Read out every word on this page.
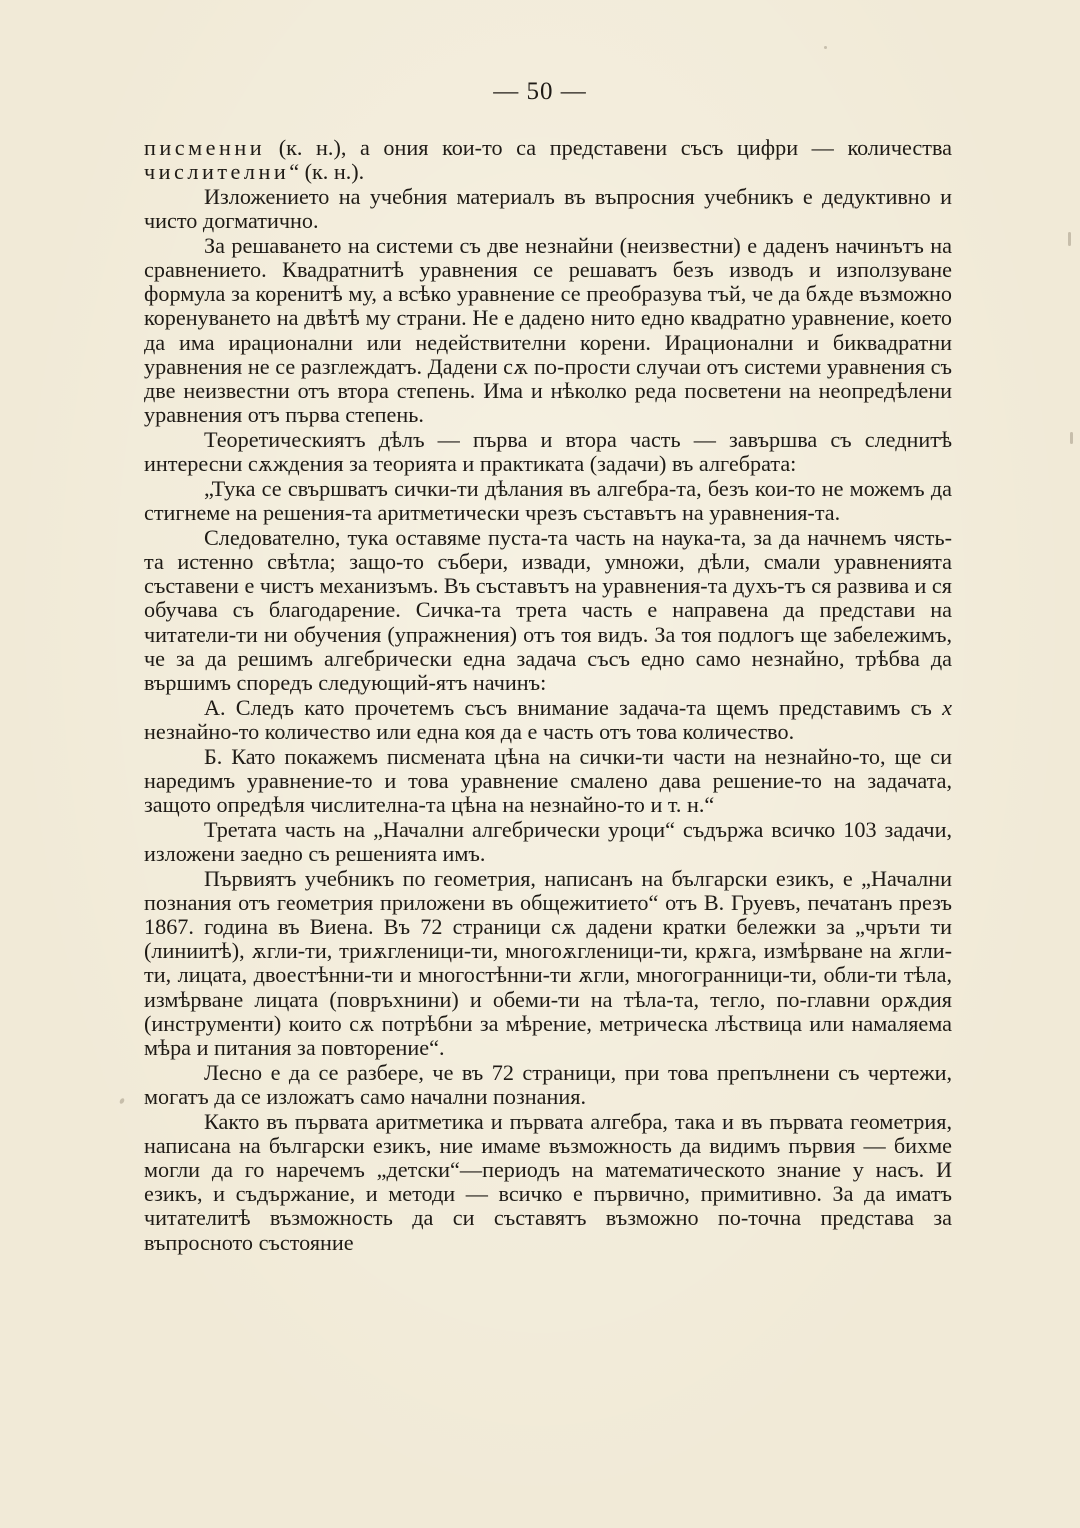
— 50 —

писменни (к. н.), а ония кои-то са представени съсъ цифри — количества числителни“ (к. н.).

Изложението на учебния материалъ въ въпросния учебникъ е дедуктивно и чисто догматично.

За решаването на системи съ две незнайни (неизвестни) е даденъ начинътъ на сравнението. Квадратнитѣ уравнения се решаватъ безъ изводъ и използуване формула за коренитѣ му, а всѣко уравнение се преобразува тъй, че да бѫде възможно коренуването на двѣтѣ му страни. Не е дадено нито едно квадратно уравнение, което да има ирационални или недействителни корени. Ирационални и биквадратни уравнения не се разглеждатъ. Дадени сѫ по-прости случаи отъ системи уравнения съ две неизвестни отъ втора степень. Има и нѣколко реда посветени на неопредѣлени уравнения отъ първа степень.

Теоретическиятъ дѣлъ — първа и втора часть — завършва съ следнитѣ интересни сѫждения за теорията и практиката (задачи) въ алгебрата:

„Тука се свършватъ сички-ти дѣлания въ алгебра-та, безъ кои-то не можемъ да стигнеме на решения-та аритметически чрезъ съставътъ на уравнения-та.

Следователно, тука оставяме пуста-та часть на наука-та, за да начнемъ чясть-та истенно свѣтла; защо-то събери, извади, умножи, дѣли, смали уравненията съставени е чистъ механизъмъ. Въ съставътъ на уравнения-та духъ-тъ ся развива и ся обучава съ благодарение. Сичка-та трета часть е направена да представи на читатели-ти ни обучения (упражнения) отъ тоя видъ. За тоя подлогъ ще забележимъ, че за да решимъ алгебрически една задача съсъ едно само незнайно, трѣбва да вършимъ споредъ следующий-ятъ начинъ:

А. Следъ като прочетемъ съсъ внимание задача-та щемъ представимъ съ x незнайно-то количество или една коя да е часть отъ това количество.

Б. Като покажемъ писмената цѣна на сички-ти части на незнайно-то, ще си наредимъ уравнение-то и това уравнение смалено дава решение-то на задачата, защото опредѣля числителна-та цѣна на незнайно-то и т. н.“

Третата часть на „Начални алгебрически уроци“ съдържа всичко 103 задачи, изложени заедно съ решенията имъ.

Първиятъ учебникъ по геометрия, написанъ на български езикъ, е „Начални познания отъ геометрия приложени въ общежитието“ отъ В. Груевъ, печатанъ презъ 1867. година въ Виена. Въ 72 страници сѫ дадени кратки бележки за „чръти ти (линиитѣ), ѫгли-ти, триѫгленици-ти, многоѫгленици-ти, крѫга, измѣрване на ѫгли-ти, лицата, двоестѣнни-ти и многостѣнни-ти ѫгли, многогранници-ти, обли-ти тѣла, измѣрване лицата (повръхнини) и обеми-ти на тѣла-та, тегло, по-главни орѫдия (инструменти) които сѫ потрѣбни за мѣрение, метрическа лѣствица или намаляема мѣра и питания за повторение“.

Лесно е да се разбере, че въ 72 страници, при това препълнени съ чертежи, могатъ да се изложатъ само начални познания.

Както въ първата аритметика и първата алгебра, така и въ първата геометрия, написана на български езикъ, ние имаме възможность да видимъ първия — бихме могли да го наречемъ „детски“—периодъ на математическото знание у насъ. И езикъ, и съдържание, и методи — всичко е първично, примитивно. За да иматъ читателитѣ възможность да си съставятъ възможно по-точна представа за въпросното състояние
